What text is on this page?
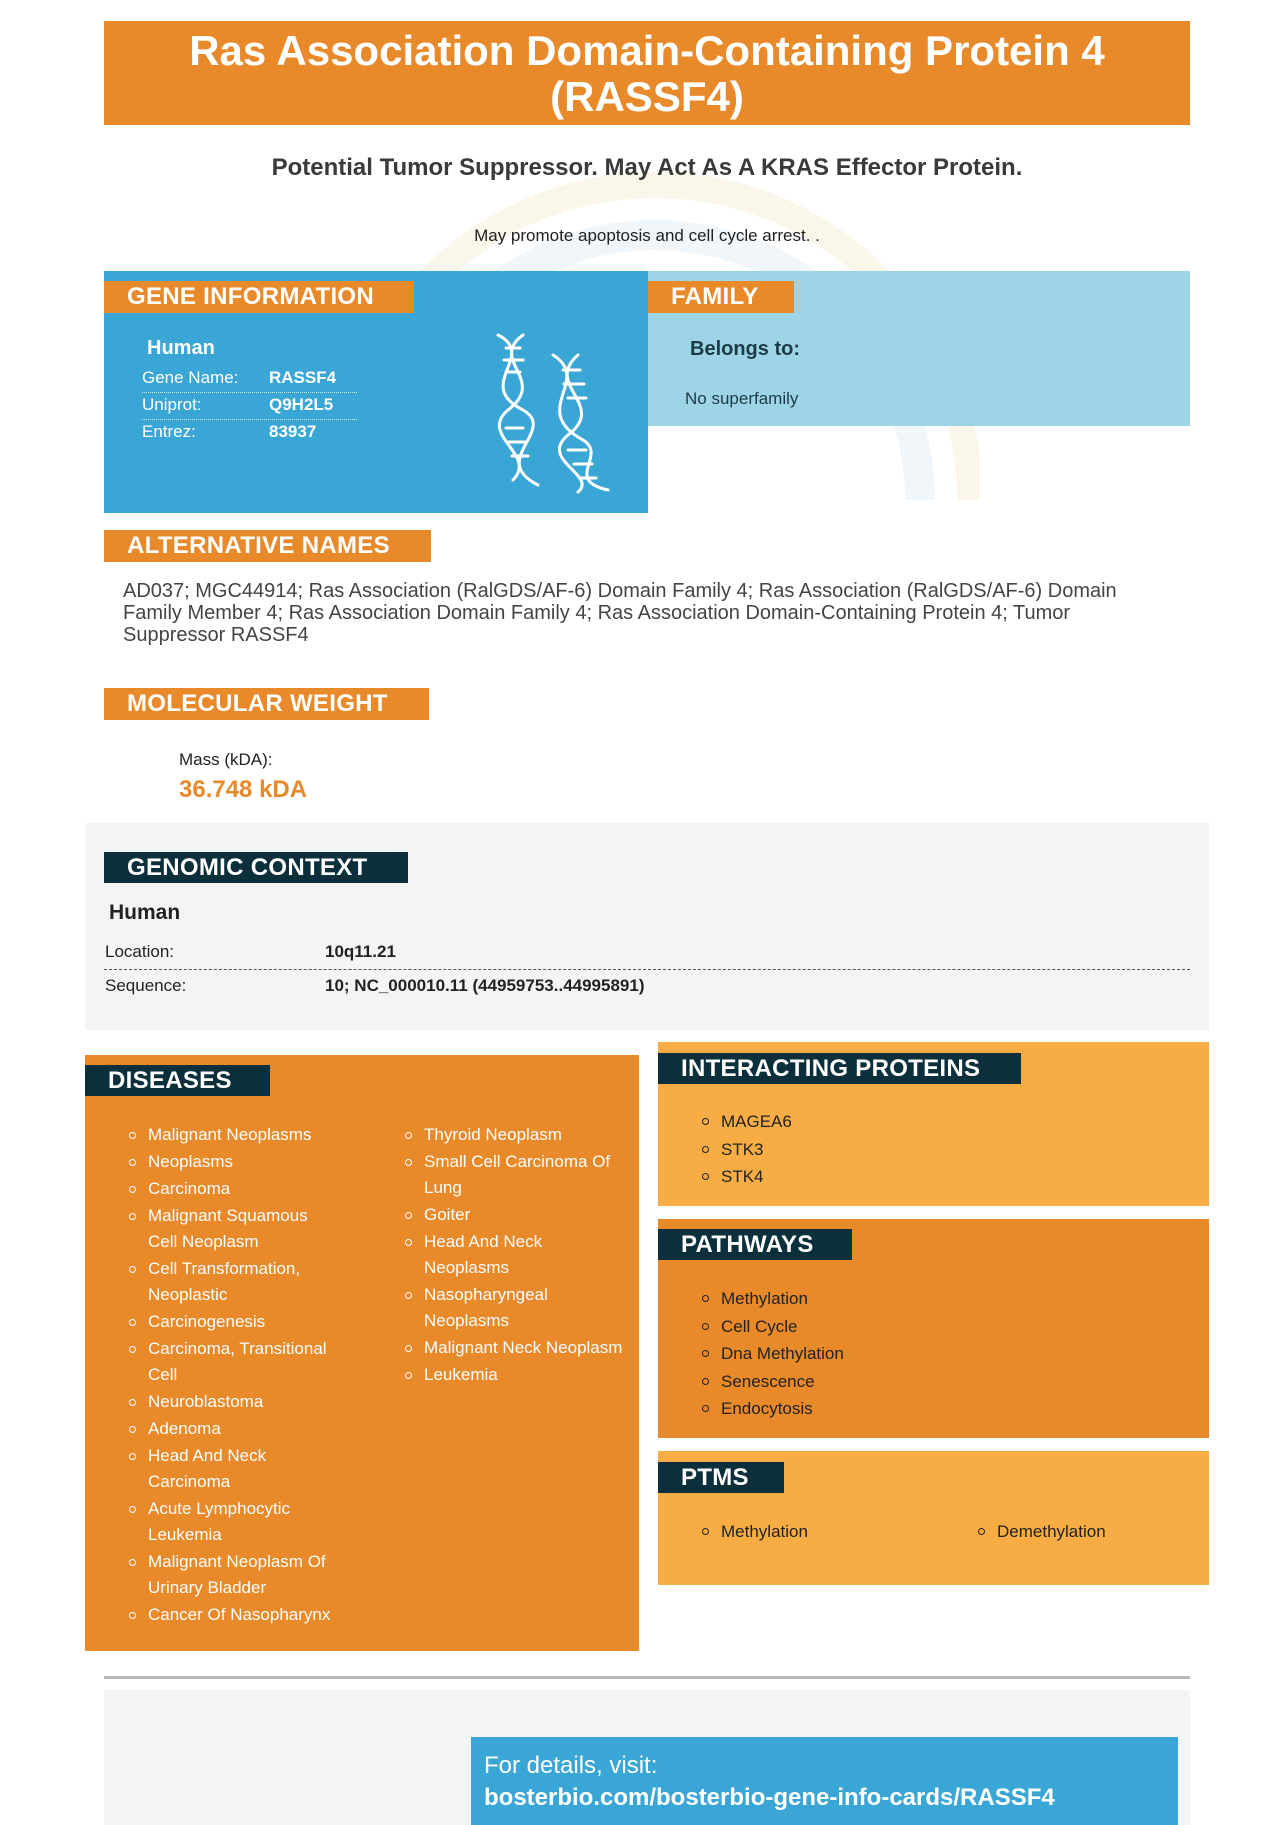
Ras Association Domain-Containing Protein 4 (RASSF4)
Potential Tumor Suppressor. May Act As A KRAS Effector Protein.
May promote apoptosis and cell cycle arrest. .
GENE INFORMATION
Human
Gene Name: RASSF4
Uniprot:	Q9H2L5
Entrez:	83937
FAMILY
Belongs to:
No superfamily
ALTERNATIVE NAMES
AD037; MGC44914; Ras Association (RalGDS/AF-6) Domain Family 4; Ras Association (RalGDS/AF-6) Domain Family Member 4; Ras Association Domain Family 4; Ras Association Domain-Containing Protein 4; Tumor Suppressor RASSF4
MOLECULAR WEIGHT
Mass (kDA):
36.748 kDA
GENOMIC CONTEXT
Human
Location:	10q11.21
Sequence:	10; NC_000010.11 (44959753..44995891)
DISEASES
Malignant Neoplasms
Neoplasms
Carcinoma
Malignant Squamous Cell Neoplasm
Cell Transformation, Neoplastic
Carcinogenesis
Carcinoma, Transitional Cell
Neuroblastoma
Adenoma
Head And Neck Carcinoma
Acute Lymphocytic Leukemia
Malignant Neoplasm Of Urinary Bladder
Cancer Of Nasopharynx
Thyroid Neoplasm
Small Cell Carcinoma Of Lung
Goiter
Head And Neck Neoplasms
Nasopharyngeal Neoplasms
Malignant Neck Neoplasm
Leukemia
INTERACTING PROTEINS
MAGEA6
STK3
STK4
PATHWAYS
Methylation
Cell Cycle
Dna Methylation
Senescence
Endocytosis
PTMS
Methylation	Demethylation
For details, visit:
bosterbio.com/bosterbio-gene-info-cards/RASSF4
